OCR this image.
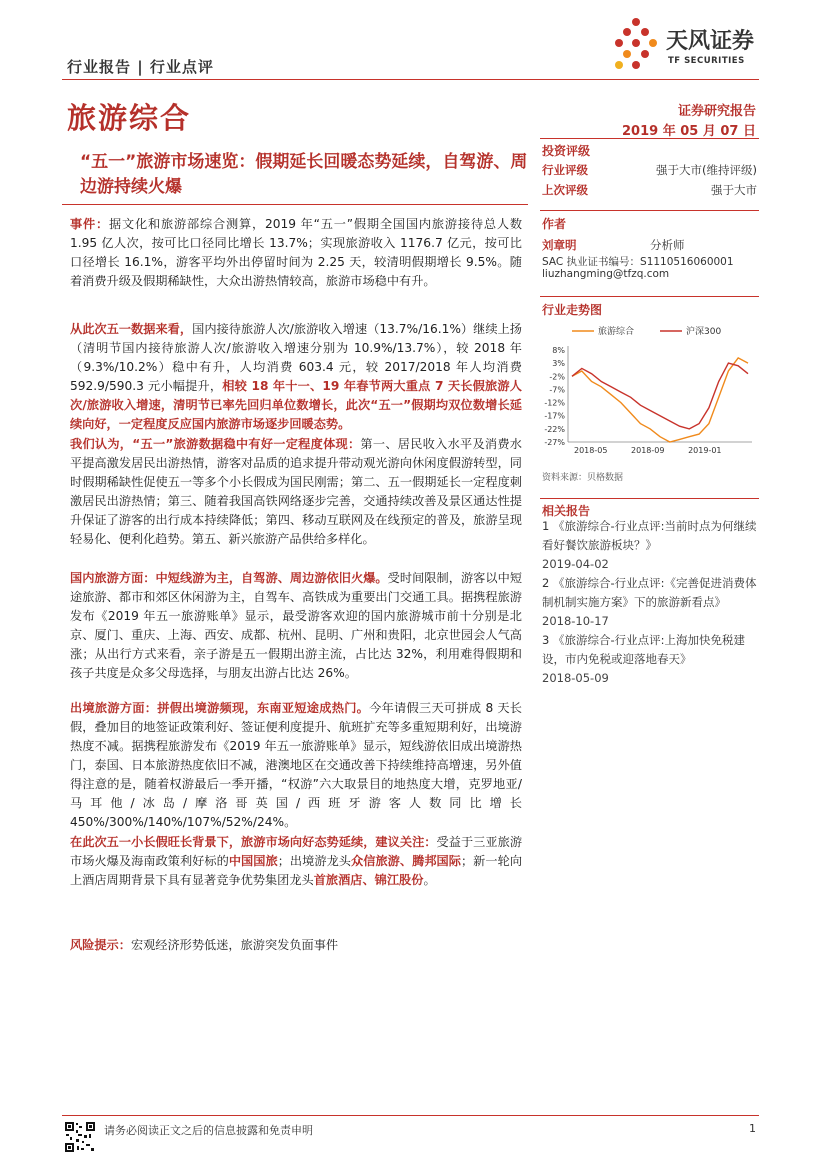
行业报告 | 行业点评
天风证券
TF SECURITIES
旅游综合	证券研究报告
2019 年 05 月 07 日
“五一”旅游市场速览：假期延长回暖态势延续，自驾游、周边游持续火爆
事件：据文化和旅游部综合测算，2019 年“五一”假期全国国内旅游接待总人数 1.95 亿人次，按可比口径同比增长 13.7%；实现旅游收入 1176.7 亿元，按可比口径增长 16.1%，游客平均外出停留时间为 2.25 天，较清明假期增长 9.5%。随着消费升级及假期稀缺性，大众出游热情较高，旅游市场稳中有升。
从此次五一数据来看，国内接待旅游人次/旅游收入增速（13.7%/16.1%）继续上扬（清明节国内接待旅游人次/旅游收入增速分别为 10.9%/13.7%），较 2018 年（9.3%/10.2%）稳中有升，人均消费 603.4 元，较 2017/2018 年人均消费 592.9/590.3 元小幅提升，相较 18 年十一、19 年春节两大重点 7 天长假旅游人次/旅游收入增速，清明节已率先回归单位数增长，此次“五一”假期均双位数增长延续向好，一定程度反应国内旅游市场逐步回暖态势。
我们认为，“五一”旅游数据稳中有好一定程度体现：第一、居民收入水平及消费水平提高激发居民出游热情，游客对品质的追求提升带动观光游向休闲度假游转型，同时假期稀缺性促使五一等多个小长假成为国民刚需；第二、五一假期延长一定程度刺激居民出游热情；第三、随着我国高铁网络逐步完善，交通持续改善及景区通达性提升保证了游客的出行成本持续降低；第四、移动互联网及在线预定的普及，旅游呈现轻易化、便利化趋势。第五、新兴旅游产品供给多样化。
国内旅游方面：中短线游为主，自驾游、周边游依旧火爆。受时间限制，游客以中短途旅游、都市和郊区休闲游为主，自驾车、高铁成为重要出门交通工具。据携程旅游发布《2019 年五一旅游账单》显示，最受游客欢迎的国内旅游城市前十分别是北京、厦门、重庆、上海、西安、成都、杭州、昆明、广州和贵阳，北京世园会人气高涨；从出行方式来看，亲子游是五一假期出游主流，占比达 32%，利用难得假期和孩子共度是众多父母选择，与朋友出游占比达 26%。
出境旅游方面：拼假出境游频现，东南亚短途成热门。今年请假三天可拼成 8 天长假，叠加目的地签证政策利好、签证便利度提升、航班扩充等多重短期利好，出境游热度不减。据携程旅游发布《2019 年五一旅游账单》显示，短线游依旧成出境游热门，泰国、日本旅游热度依旧不减，港澳地区在交通改善下持续维持高增速，另外值得注意的是，随着权游最后一季开播，“权游”六大取景目的地热度大增，克罗地亚/马耳他/冰岛/摩洛哥英国/西班牙游客人数同比增长 450%/300%/140%/107%/52%/24%。
在此次五一小长假旺长背景下，旅游市场向好态势延续，建议关注：受益于三亚旅游市场火爆及海南政策利好标的中国国旅；出境游龙头众信旅游、腾邦国际；新一轮向上酒店周期背景下具有显著竞争优势集团龙头首旅酒店、锦江股份。
风险提示：宏观经济形势低迷，旅游突发负面事件
投资评级
行业评级	强于大市(维持评级)
上次评级	强于大市
作者
刘章明	分析师
SAC 执业证书编号：S1110516060001
liuzhangming@tfzq.com
行业走势图
旅游综合	沪深300
8%
3%
-2%
-7%
-12%
-17%
-22%
-27%
2018-05	2018-09	2019-01
资料来源：贝格数据
相关报告
1 《旅游综合-行业点评:当前时点为何继续看好餐饮旅游板块？》
2019-04-02
2 《旅游综合-行业点评:《完善促进消费体制机制实施方案》下的旅游新看点》
2018-10-17
3 《旅游综合-行业点评:上海加快免税建设，市内免税或迎落地春天》
2018-05-09
请务必阅读正文之后的信息披露和免责申明	1
